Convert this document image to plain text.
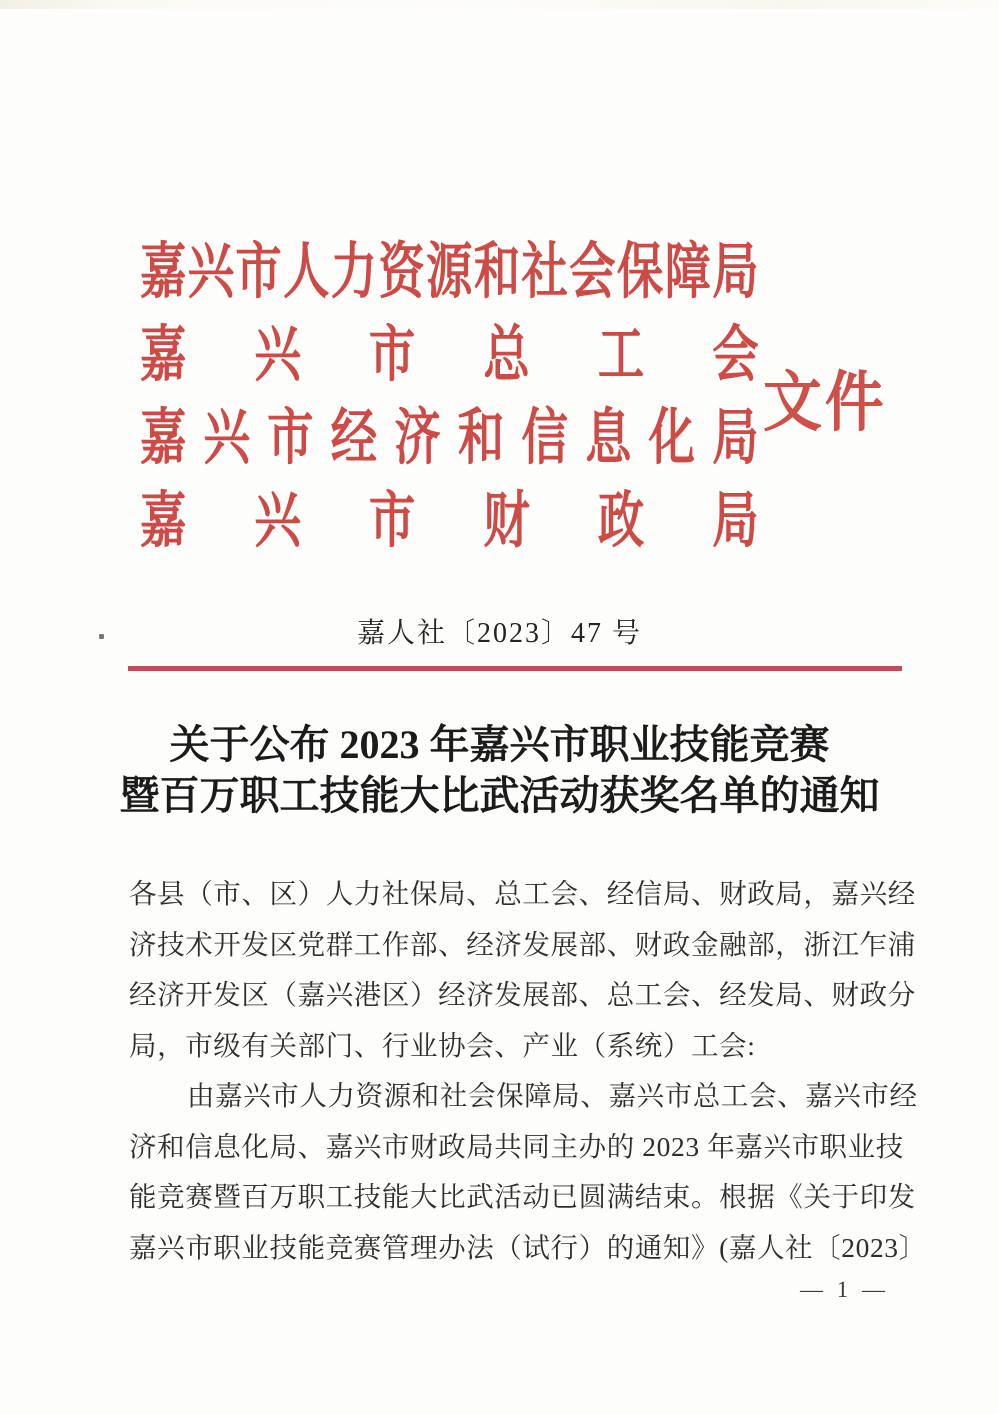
嘉兴市人力资源和社会保障局
嘉兴市总工会
嘉兴市经济和信息化局
嘉兴市财政局
文件
嘉人社〔2023〕47 号
关于公布 2023 年嘉兴市职业技能竞赛
暨百万职工技能大比武活动获奖名单的通知
各县（市、区）人力社保局、总工会、经信局、财政局，嘉兴经
济技术开发区党群工作部、经济发展部、财政金融部，浙江乍浦
经济开发区（嘉兴港区）经济发展部、总工会、经发局、财政分
局，市级有关部门、行业协会、产业（系统）工会:
由嘉兴市人力资源和社会保障局、嘉兴市总工会、嘉兴市经
济和信息化局、嘉兴市财政局共同主办的 2023 年嘉兴市职业技
能竞赛暨百万职工技能大比武活动已圆满结束。根据《关于印发
嘉兴市职业技能竞赛管理办法（试行）的通知》(嘉人社〔2023〕
— 1 —
